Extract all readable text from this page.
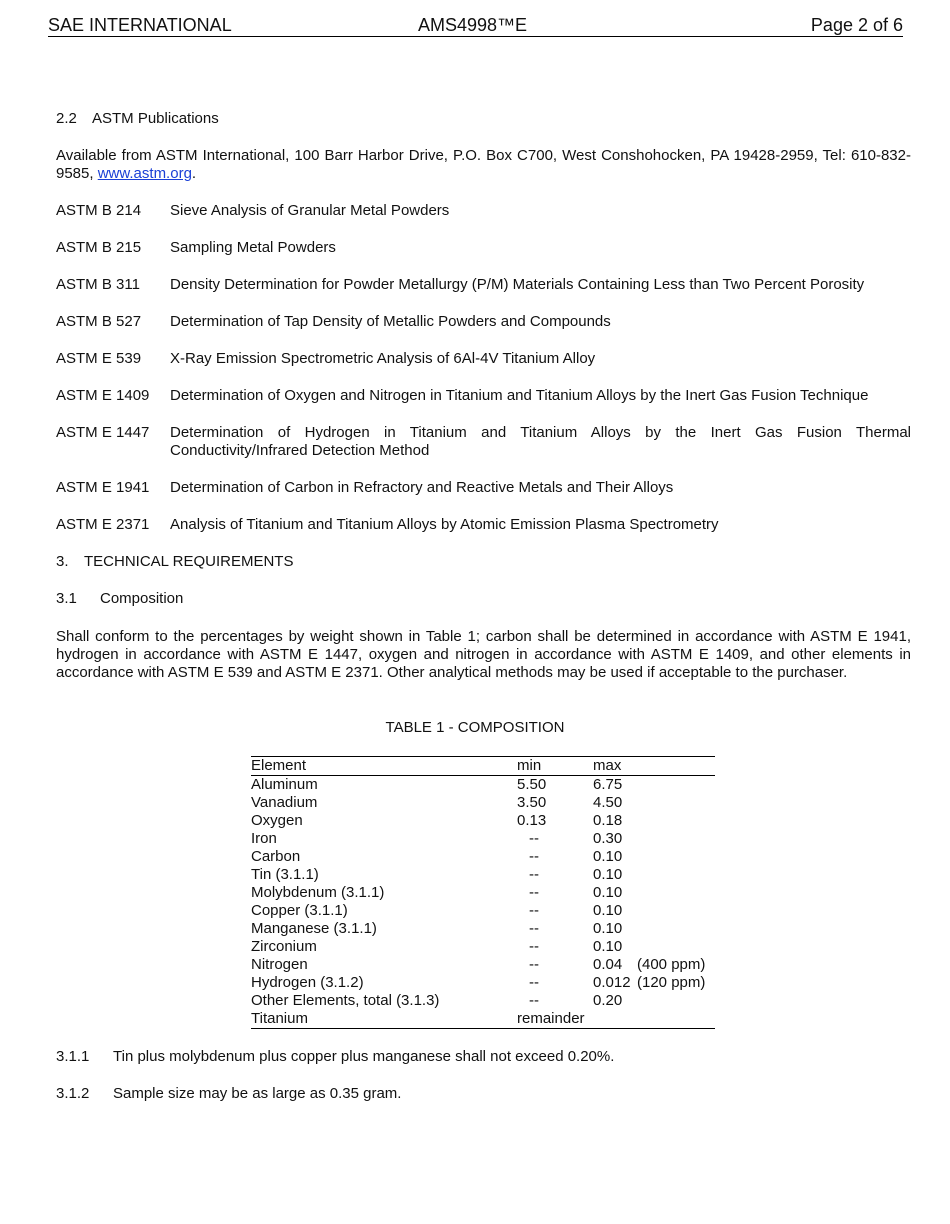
SAE INTERNATIONAL	AMS4998™E	Page 2 of 6
2.2 ASTM Publications
Available from ASTM International, 100 Barr Harbor Drive, P.O. Box C700, West Conshohocken, PA 19428-2959, Tel: 610-832-9585, www.astm.org.
ASTM B 214 Sieve Analysis of Granular Metal Powders
ASTM B 215 Sampling Metal Powders
ASTM B 311 Density Determination for Powder Metallurgy (P/M) Materials Containing Less than Two Percent Porosity
ASTM B 527 Determination of Tap Density of Metallic Powders and Compounds
ASTM E 539 X-Ray Emission Spectrometric Analysis of 6Al-4V Titanium Alloy
ASTM E 1409 Determination of Oxygen and Nitrogen in Titanium and Titanium Alloys by the Inert Gas Fusion Technique
ASTM E 1447 Determination of Hydrogen in Titanium and Titanium Alloys by the Inert Gas Fusion Thermal Conductivity/Infrared Detection Method
ASTM E 1941 Determination of Carbon in Refractory and Reactive Metals and Their Alloys
ASTM E 2371 Analysis of Titanium and Titanium Alloys by Atomic Emission Plasma Spectrometry
3. TECHNICAL REQUIREMENTS
3.1 Composition
Shall conform to the percentages by weight shown in Table 1; carbon shall be determined in accordance with ASTM E 1941, hydrogen in accordance with ASTM E 1447, oxygen and nitrogen in accordance with ASTM E 1409, and other elements in accordance with ASTM E 539 and ASTM E 2371. Other analytical methods may be used if acceptable to the purchaser.
TABLE 1 - COMPOSITION
Element	min	max	
Aluminum	5.50	6.75	
Vanadium	3.50	4.50	
Oxygen	0.13	0.18	
Iron	--	0.30	
Carbon	--	0.10	
Tin (3.1.1)	--	0.10	
Molybdenum (3.1.1)	--	0.10	
Copper (3.1.1)	--	0.10	
Manganese (3.1.1)	--	0.10	
Zirconium	--	0.10	
Nitrogen	--	0.04	(400 ppm)
Hydrogen (3.1.2)	--	0.012	(120 ppm)
Other Elements, total (3.1.3)	--	0.20	
Titanium	remainder		
3.1.1 Tin plus molybdenum plus copper plus manganese shall not exceed 0.20%.
3.1.2 Sample size may be as large as 0.35 gram.
